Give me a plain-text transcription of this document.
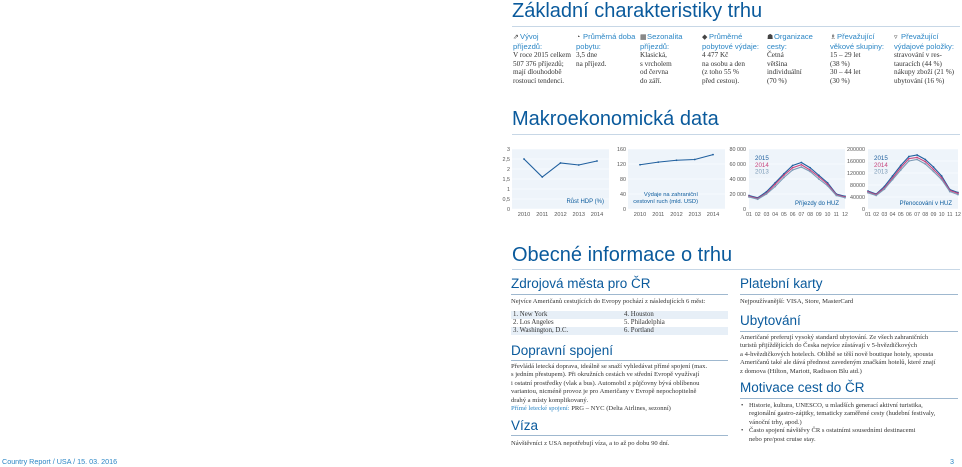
Základní charakteristiky trhu
⇗Vývoj
příjezdů:
V roce 2015 celkem
507 376 příjezdů;
mají dlouhodobě
rostoucí tendenci.
◔ Průměrná doba
pobytu:
3,5 dne
na příjezd.
▦Sezonalita
příjezdů:
Klasická,
s vrcholem
od června
do září.
◆ Průměrné
pobytové výdaje:
4 477 Kč
na osobu a den
(z toho 55 %
před cestou).
☗Organizace
cesty:
Četná
většina
individuální
(70 %)
♗Převažující
věkové skupiny:
15 – 29 let
(38 %)
30 – 44 let
(30 %)
▿ Převažující
výdajové položky:
stravování v res-
tauracích (44 %)
nákupy zboží (21 %)
ubytování (16 %)
Makroekonomická data
3
2,5
2
1,5
1
0,5
0
2010 2011 2012 2013 2014
Růst HDP (%)
160
120
80
40
0
2010 2011 2012 2013 2014
Výdaje na zahraniční
cestovní ruch (mld. USD)
80 000
60 000
40 000
20 000
0
01 02 03 04 05 06 07 08 09 10 11 12
Příjezdy do HUZ
2015
2014
2013
200000
160000
120000
80000
40000
0
01 02 03 04 05 06 07 08 09 10 11 12
Přenocování v HUZ
2015
2014
2013
Obecné informace o trhu
Zdrojová města pro ČR
Nejvíce Američanů cestujících do Evropy pochází z následujících 6 měst:
1. New York	4. Houston
2. Los Angeles	5. Philadelphia
3. Washington, D.C.	6. Portland
Dopravní spojení
Převládá letecká doprava, ideálně se snaží vyhledávat přímé spojení (max.
s jedním přestupem). Při okružních cestách ve střední Evropě využívají
i ostatní prostředky (vlak a bus). Automobil z půjčovny bývá oblíbenou
variantou, nicméně provoz je pro Američany v Evropě nepochopitelně
drahý a místy komplikovaný.
Přímé letecké spojení: PRG – NYC (Delta Airlines, sezonní)
Víza
Návštěvníci z USA nepotřebují víza, a to až po dobu 90 dní.
Platební karty
Nejpoužívanější: VISA, Store, MasterCard
Ubytování
Američané preferují vysoký standard ubytování. Ze všech zahraničních
turistů přijíždějících do Česka nejvíce zůstávají v 5-hvězdičkových
a 4-hvězdičkových hotelech. Oblíbě se těší nově boutique hotely, spousta
Američanů také ale dává přednost zavedeným značkám hotelů, které znají
z domova (Hilton, Mariott, Radisson Blu atd.)
Motivace cest do ČR
• Historie, kultura, UNESCO, u mladších generací aktivní turistika,
regionální gastro-záţitky, tematicky zaměřené cesty (hudební festivaly,
vánoční trhy, apod.)
• Často spojení návštěvy ČR s ostatními sousedními destinacemi
nebo pre/post cruise stay.
Country Report / USA / 15. 03. 2016	3
